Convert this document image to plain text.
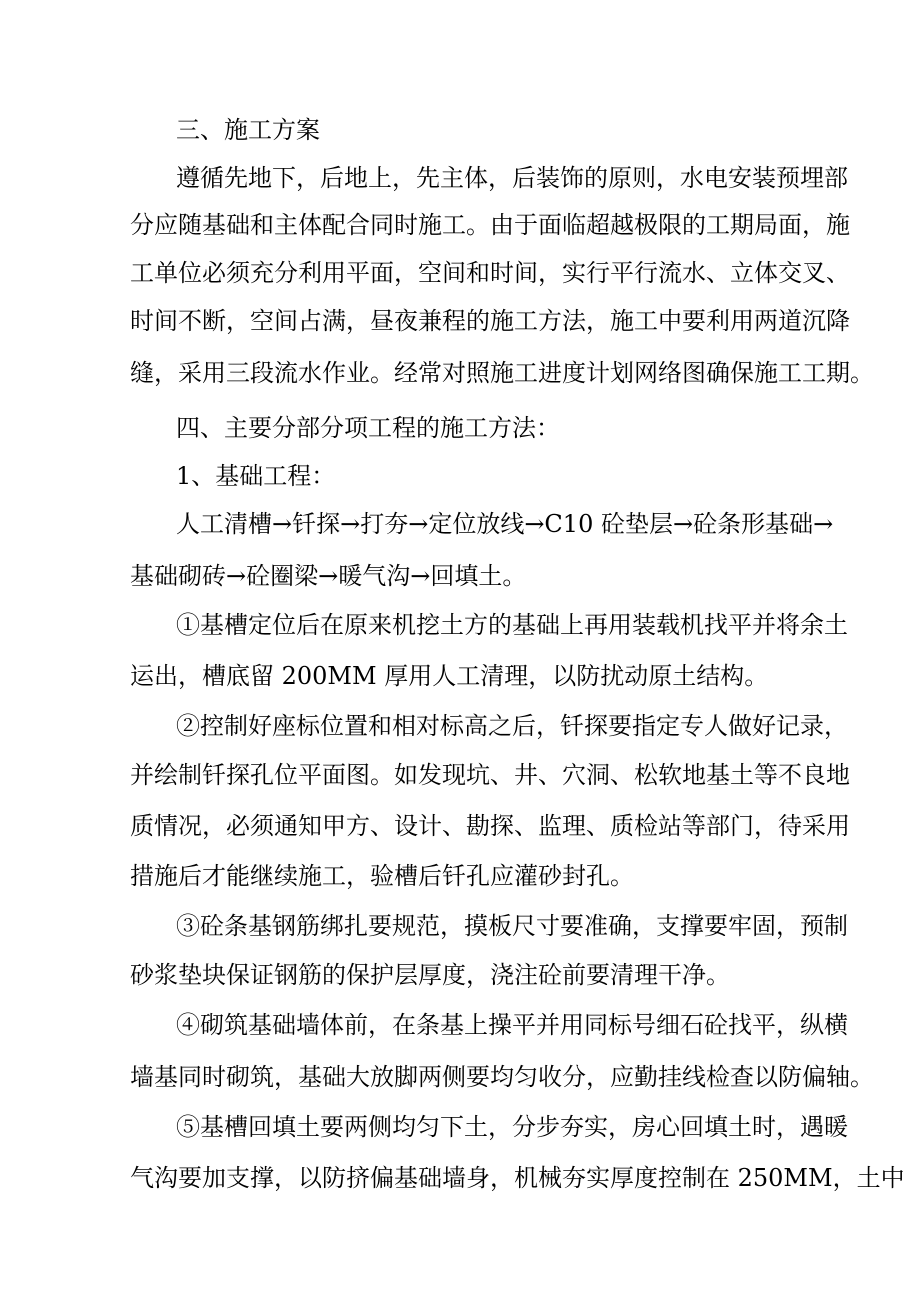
三、施工方案
遵循先地下，后地上，先主体，后装饰的原则，水电安装预埋部
分应随基础和主体配合同时施工。由于面临超越极限的工期局面，施
工单位必须充分利用平面，空间和时间，实行平行流水、立体交叉、
时间不断，空间占满，昼夜兼程的施工方法，施工中要利用两道沉降
缝，采用三段流水作业。经常对照施工进度计划网络图确保施工工期。
四、主要分部分项工程的施工方法：
1、基础工程：
人工清槽→钎探→打夯→定位放线→C10 砼垫层→砼条形基础→
基础砌砖→砼圈梁→暖气沟→回填土。
①基槽定位后在原来机挖土方的基础上再用装载机找平并将余土
运出，槽底留 200MM 厚用人工清理，以防扰动原土结构。
②控制好座标位置和相对标高之后，钎探要指定专人做好记录，
并绘制钎探孔位平面图。如发现坑、井、穴洞、松软地基土等不良地
质情况，必须通知甲方、设计、勘探、监理、质检站等部门，待采用
措施后才能继续施工，验槽后钎孔应灌砂封孔。
③砼条基钢筋绑扎要规范，摸板尺寸要准确，支撑要牢固，预制
砂浆垫块保证钢筋的保护层厚度，浇注砼前要清理干净。
④砌筑基础墙体前，在条基上操平并用同标号细石砼找平，纵横
墙基同时砌筑，基础大放脚两侧要均匀收分，应勤挂线检查以防偏轴。
⑤基槽回填土要两侧均匀下土，分步夯实，房心回填土时，遇暖
气沟要加支撑，以防挤偏基础墙身，机械夯实厚度控制在 250MM，土中
